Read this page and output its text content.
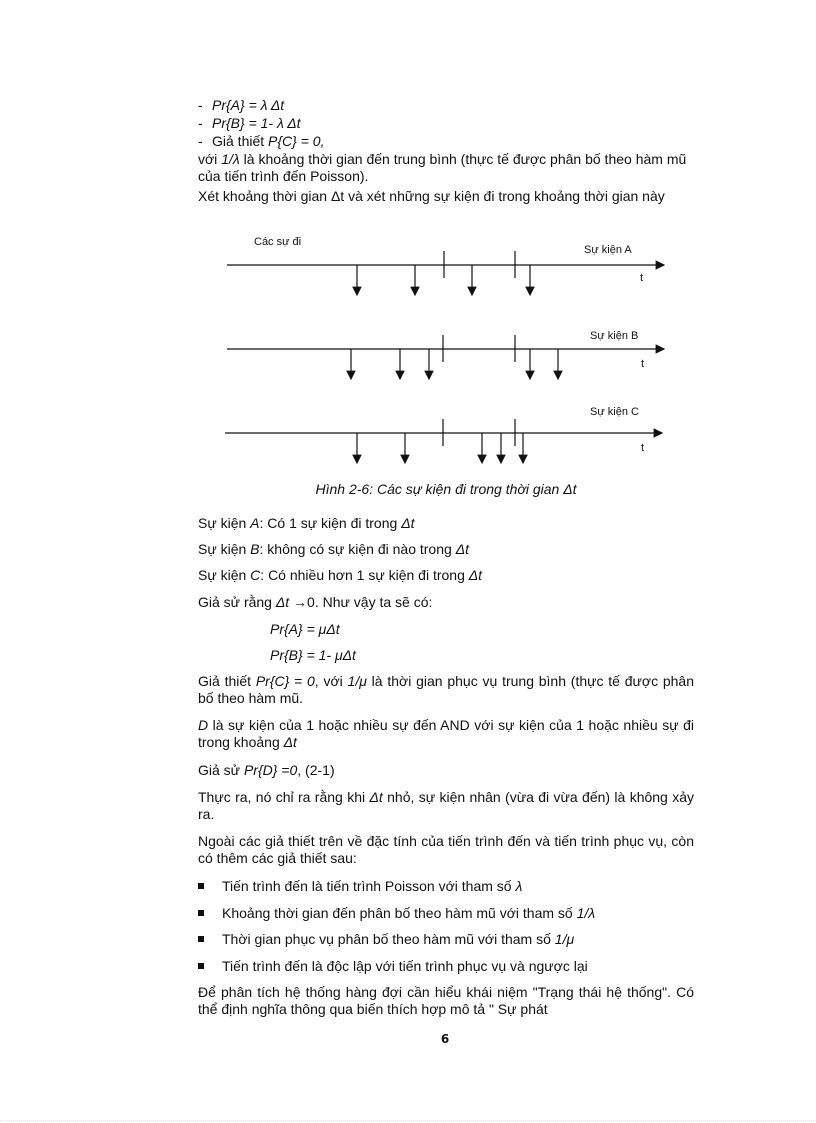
- Pr{A} = λ Δt
- Pr{B} = 1- λ Δt
- Giả thiết P{C} = 0,
với 1/λ là khoảng thời gian đến trung bình (thực tế được phân bố theo hàm mũ của tiến trình đến Poisson).
Xét khoảng thời gian Δt và xét những sự kiện đi trong khoảng thời gian này
Các sự đi
Sự kiện A
t
Sự kiện B
t
Sự kiện C
t
Hình 2-6: Các sự kiện đi trong thời gian Δt
Sự kiện A: Có 1 sự kiện đi trong Δt
Sự kiện B: không có sự kiện đi nào trong Δt
Sự kiện C: Có nhiều hơn 1 sự kiện đi trong Δt
Giả sử rằng Δt →0. Như vậy ta sẽ có:
Pr{A} = μΔt
Pr{B} = 1- μΔt
Giả thiết Pr{C} = 0, với 1/μ là thời gian phục vụ trung bình (thực tế được phân bố theo hàm mũ.
D là sự kiện của 1 hoặc nhiều sự đến AND với sự kiện của 1 hoặc nhiều sự đi trong khoảng Δt
Giả sử Pr{D} =0, (2-1)
Thực ra, nó chỉ ra rằng khi Δt nhỏ, sự kiện nhân (vừa đi vừa đến) là không xảy ra.
Ngoài các giả thiết trên về đặc tính của tiến trình đến và tiến trình phục vụ, còn có thêm các giả thiết sau:
Tiến trình đến là tiến trình Poisson với tham số λ
Khoảng thời gian đến phân bố theo hàm mũ với tham số 1/λ
Thời gian phục vụ phân bố theo hàm mũ với tham số 1/μ
Tiến trình đến là độc lập với tiến trình phục vụ và ngược lại
Để phân tích hệ thống hàng đợi cần hiểu khái niệm "Trạng thái hệ thống". Có thể định nghĩa thông qua biến thích hợp mô tả " Sự phát
6
